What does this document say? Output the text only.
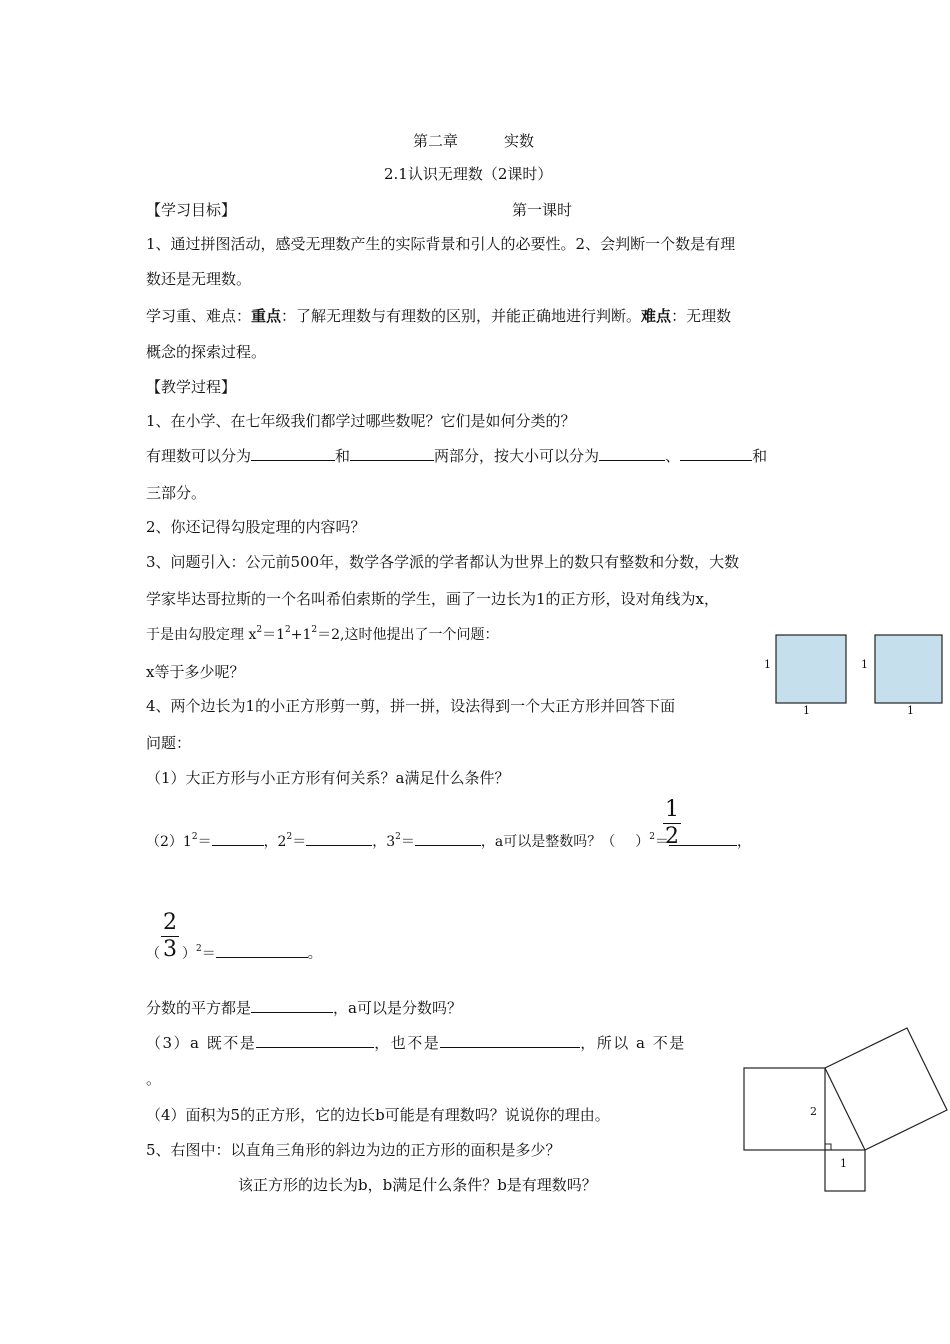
第二章	实数
2.1认识无理数（2课时）
【学习目标】	第一课时
1、通过拼图活动，感受无理数产生的实际背景和引人的必要性。2、会判断一个数是有理
数还是无理数。
学习重、难点：重点：了解无理数与有理数的区别，并能正确地进行判断。难点：无理数
概念的探索过程。
【教学过程】
1、在小学、在七年级我们都学过哪些数呢？它们是如何分类的？
有理数可以分为	和	两部分，按大小可以分为	、	和
三部分。
2、你还记得勾股定理的内容吗？
3、问题引入：公元前500年，数学各学派的学者都认为世界上的数只有整数和分数，大数
学家毕达哥拉斯的一个名叫希伯索斯的学生，画了一边长为1的正方形，设对角线为x，
于是由勾股定理 $x^2=1^2+1^2=2$,这时他提出了一个问题：
x等于多少呢？	1
1
1
1
4、两个边长为1的小正方形剪一剪，拼一拼，设法得到一个大正方形并回答下面
问题：
（1）大正方形与小正方形有何关系？a满足什么条件？
$(2)1^2=$	，$2^2=$	，$3^2=$	，a可以是整数吗？（ ）$^2$＝	，
1
2
2
3
（ ）$^2$＝	。
分数的平方都是	，a可以是分数吗？
（3）a 既不是	，也不是	，所以 a 不是
。
（4）面积为5的正方形，它的边长b可能是有理数吗？说说你的理由。
5、右图中：以直角三角形的斜边为边的正方形的面积是多少？
该正方形的边长为b，b满足什么条件？b是有理数吗？
2
1
